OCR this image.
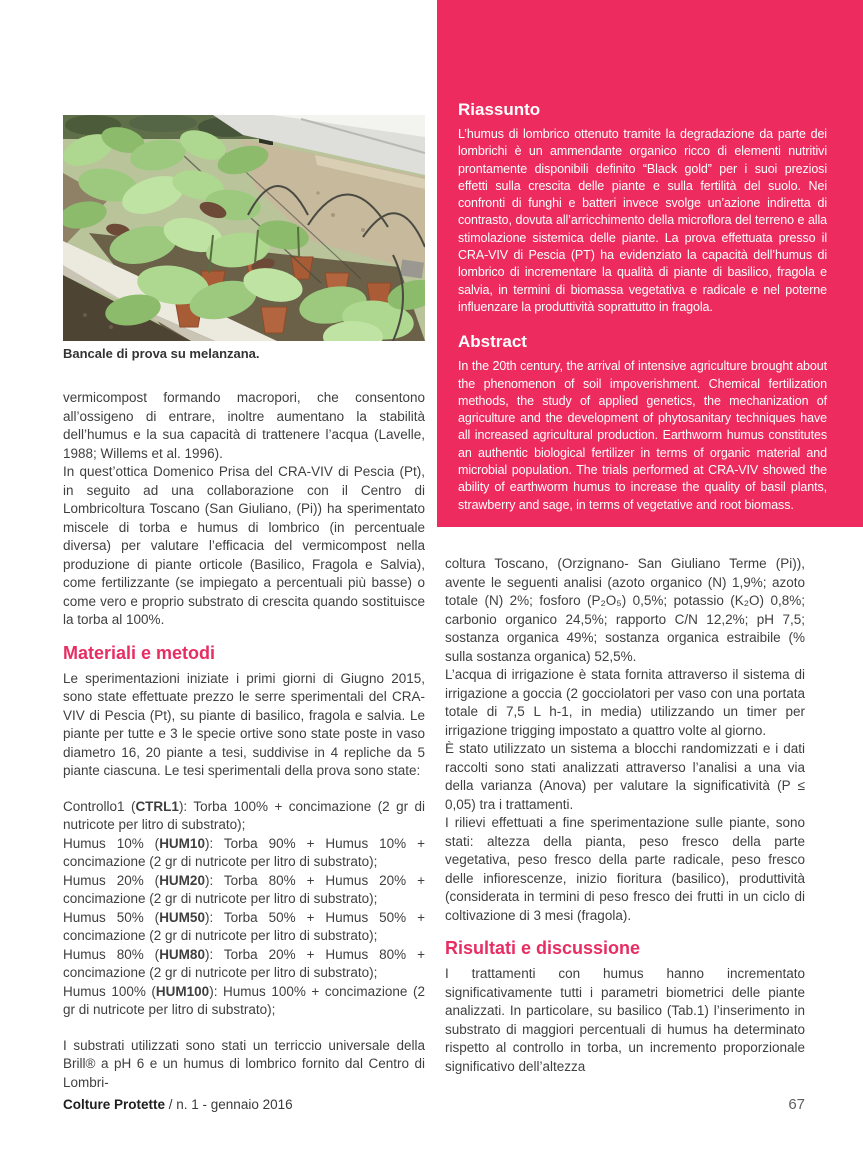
Bancale di prova su melanzana.

vermicompost formando macropori, che consentono all’ossigeno di entrare, inoltre aumentano la stabilità dell’humus e la sua capacità di trattenere l’acqua (Lavelle, 1988; Willems et al. 1996).

In quest’ottica Domenico Prisa del CRA-VIV di Pescia (Pt), in seguito ad una collaborazione con il Centro di Lombricoltura Toscano (San Giuliano, (Pi)) ha sperimentato miscele di torba e humus di lombrico (in percentuale diversa) per valutare l’efficacia del vermicompost nella produzione di piante orticole (Basilico, Fragola e Salvia), come fertilizzante (se impiegato a percentuali più basse) o come vero e proprio substrato di crescita quando sostituisce la torba al 100%.

Materiali e metodi

Le sperimentazioni iniziate i primi giorni di Giugno 2015, sono state effettuate prezzo le serre sperimentali del CRA-VIV di Pescia (Pt), su piante di basilico, fragola e salvia. Le piante per tutte e 3 le specie ortive sono state poste in vaso diametro 16, 20 piante a tesi, suddivise in 4 repliche da 5 piante ciascuna. Le tesi sperimentali della prova sono state:

Controllo1 (CTRL1): Torba 100% + concimazione (2 gr di nutricote per litro di substrato);

Humus 10% (HUM10): Torba 90% + Humus 10% + concimazione (2 gr di nutricote per litro di substrato);

Humus 20% (HUM20): Torba 80% + Humus 20% + concimazione (2 gr di nutricote per litro di substrato);

Humus 50% (HUM50): Torba 50% + Humus 50% + concimazione (2 gr di nutricote per litro di substrato);

Humus 80% (HUM80): Torba 20% + Humus 80% + concimazione (2 gr di nutricote per litro di substrato);

Humus 100% (HUM100): Humus 100% + concimazione (2 gr di nutricote per litro di substrato);

I substrati utilizzati sono stati un terriccio universale della Brill® a pH 6 e un humus di lombrico fornito dal Centro di Lombri-

Riassunto

L’humus di lombrico ottenuto tramite la degradazione da parte dei lombrichi è un ammendante organico ricco di elementi nutritivi prontamente disponibili definito “Black gold” per i suoi preziosi effetti sulla crescita delle piante e sulla fertilità del suolo. Nei confronti di funghi e batteri invece svolge un’azione indiretta di contrasto, dovuta all’arricchimento della microflora del terreno e alla stimolazione sistemica delle piante. La prova effettuata presso il CRA-VIV di Pescia (PT) ha evidenziato la capacità dell’humus di lombrico di incrementare la qualità di piante di basilico, fragola e salvia, in termini di biomassa vegetativa e radicale e nel poterne influenzare la produttività soprattutto in fragola.

Abstract

In the 20th century, the arrival of intensive agriculture brought about the phenomenon of soil impoverishment. Chemical fertilization methods, the study of applied genetics, the mechanization of agriculture and the development of phytosanitary techniques have all increased agricultural production. Earthworm humus constitutes an authentic biological fertilizer in terms of organic material and microbial population. The trials performed at CRA-VIV showed the ability of earthworm humus to increase the quality of basil plants, strawberry and sage, in terms of vegetative and root biomass.

coltura Toscano, (Orzignano- San Giuliano Terme (Pi)), avente le seguenti analisi (azoto organico (N) 1,9%; azoto totale (N) 2%; fosforo (P₂O₅) 0,5%; potassio (K₂O) 0,8%; carbonio organico 24,5%; rapporto C/N 12,2%; pH 7,5; sostanza organica 49%; sostanza organica estraibile (% sulla sostanza organica) 52,5%.

L’acqua di irrigazione è stata fornita attraverso il sistema di irrigazione a goccia (2 gocciolatori per vaso con una portata totale di 7,5 L h-1, in media) utilizzando un timer per irrigazione trigging impostato a quattro volte al giorno.

È stato utilizzato un sistema a blocchi randomizzati e i dati raccolti sono stati analizzati attraverso l’analisi a una via della varianza (Anova) per valutare la significatività (P ≤ 0,05) tra i trattamenti.

I rilievi effettuati a fine sperimentazione sulle piante, sono stati: altezza della pianta, peso fresco della parte vegetativa, peso fresco della parte radicale, peso fresco delle infiorescenze, inizio fioritura (basilico), produttività (considerata in termini di peso fresco dei frutti in un ciclo di coltivazione di 3 mesi (fragola).

Risultati e discussione

I trattamenti con humus hanno incrementato significativamente tutti i parametri biometrici delle piante analizzati. In particolare, su basilico (Tab.1) l’inserimento in substrato di maggiori percentuali di humus ha determinato rispetto al controllo in torba, un incremento proporzionale significativo dell’altezza

Colture Protette / n. 1 - gennaio 2016	67
